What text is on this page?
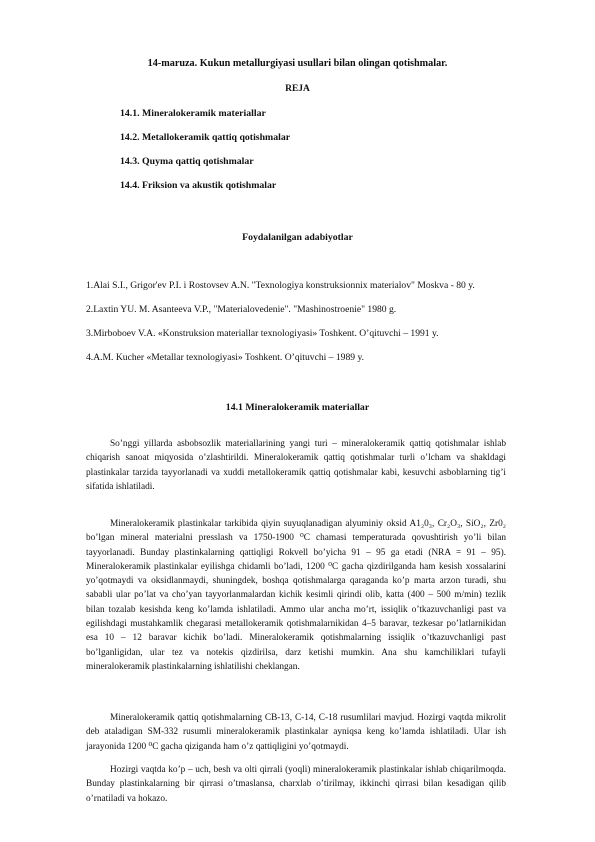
14-maruza. Kukun metallurgiyasi usullari bilan olingan qotishmalar.
REJA
14.1. Mineralokeramik materiallar
14.2. Metallokeramik qattiq qotishmalar
14.3. Quyma qattiq qotishmalar
14.4. Friksion va akustik qotishmalar
Foydalanilgan adabiyotlar
1.Alai S.I., Grigor'ev P.I. i Rostovsev A.N. "Texnologiya konstruksionnix materialov" Moskva - 80 y.
2.Laxtin YU. M. Asanteeva V.P., "Materialovedenie". "Mashinostroenie" 1980 g.
3.Mirboboev V.A. «Konstruksion materiallar texnologiyasi» Toshkent. O’qituvchi – 1991 y.
4.A.M. Kucher «Metallar texnologiyasi» Toshkent. O’qituvchi – 1989 y.
14.1 Mineralokeramik materiallar

So’nggi yillarda asbobsozlik materiallarining yangi turi – mineralokeramik qattiq qotishmalar ishlab chiqarish sanoat miqyosida o’zlashtirildi. Mineralokeramik qattiq qotishmalar turli o’lcham va shakldagi plastinkalar tarzida tayyorlanadi va xuddi metallokeramik qattiq qotishmalar kabi, kesuvchi asboblarning tig’i sifatida ishlatiladi.

Mineralokeramik plastinkalar tarkibida qiyin suyuqlanadigan alyuminiy oksid A1₂0₃, Cr₂O₃, SiO₂, Zr0₂ bo’lgan mineral materialni presslash va 1750-1900 ⁰C chamasi temperaturada qovushtirish yo’li bilan tayyorlanadi. Bunday plastinkalarning qattiqligi Rokvell bo’yicha 91 – 95 ga etadi (NRA = 91 – 95). Mineralokeramik plastinkalar eyilishga chidamli bo’ladi, 1200 ⁰C gacha qizdirilganda ham kesish xossalarini yo’qotmaydi va oksidlanmaydi, shuningdek, boshqa qotishmalarga qaraganda ko’p marta arzon turadi, shu sababli ular po’lat va cho’yan tayyorlanmalardan kichik kesimli qirindi olib, katta (400 – 500 m/min) tezlik bilan tozalab kesishda keng ko’lamda ishlatiladi. Ammo ular ancha mo’rt, issiqlik o’tkazuvchanligi past va egilishdagi mustahkamlik chegarasi metallokeramik qotishmalarnikidan 4–5 baravar, tezkesar po’latlarnikidan esa 10 – 12 baravar kichik bo’ladi. Mineralokeramik qotishmalarning issiqlik o’tkazuvchanligi past bo’lganligidan, ular tez va notekis qizdirilsa, darz ketishi mumkin. Ana shu kamchiliklari tufayli mineralokeramik plastinkalarning ishlatilishi cheklangan.

Mineralokeramik qattiq qotishmalarning CB-13, C-14, C-18 rusumlilari mavjud. Hozirgi vaqtda mikrolit deb ataladigan SM-332 rusumli mineralokeramik plastinkalar ayniqsa keng ko’lamda ishlatiladi. Ular ish jarayonida 1200 ⁰C gacha qiziganda ham o’z qattiqligini yo’qotmaydi.

Hozirgi vaqtda ko’p – uch, besh va olti qirrali (yoqli) mineralokeramik plastinkalar ishlab chiqarilmoqda. Bunday plastinkalarning bir qirrasi o’tmaslansa, charxlab o’tirilmay, ikkinchi qirrasi bilan kesadigan qilib o’rnatiladi va hokazo.
